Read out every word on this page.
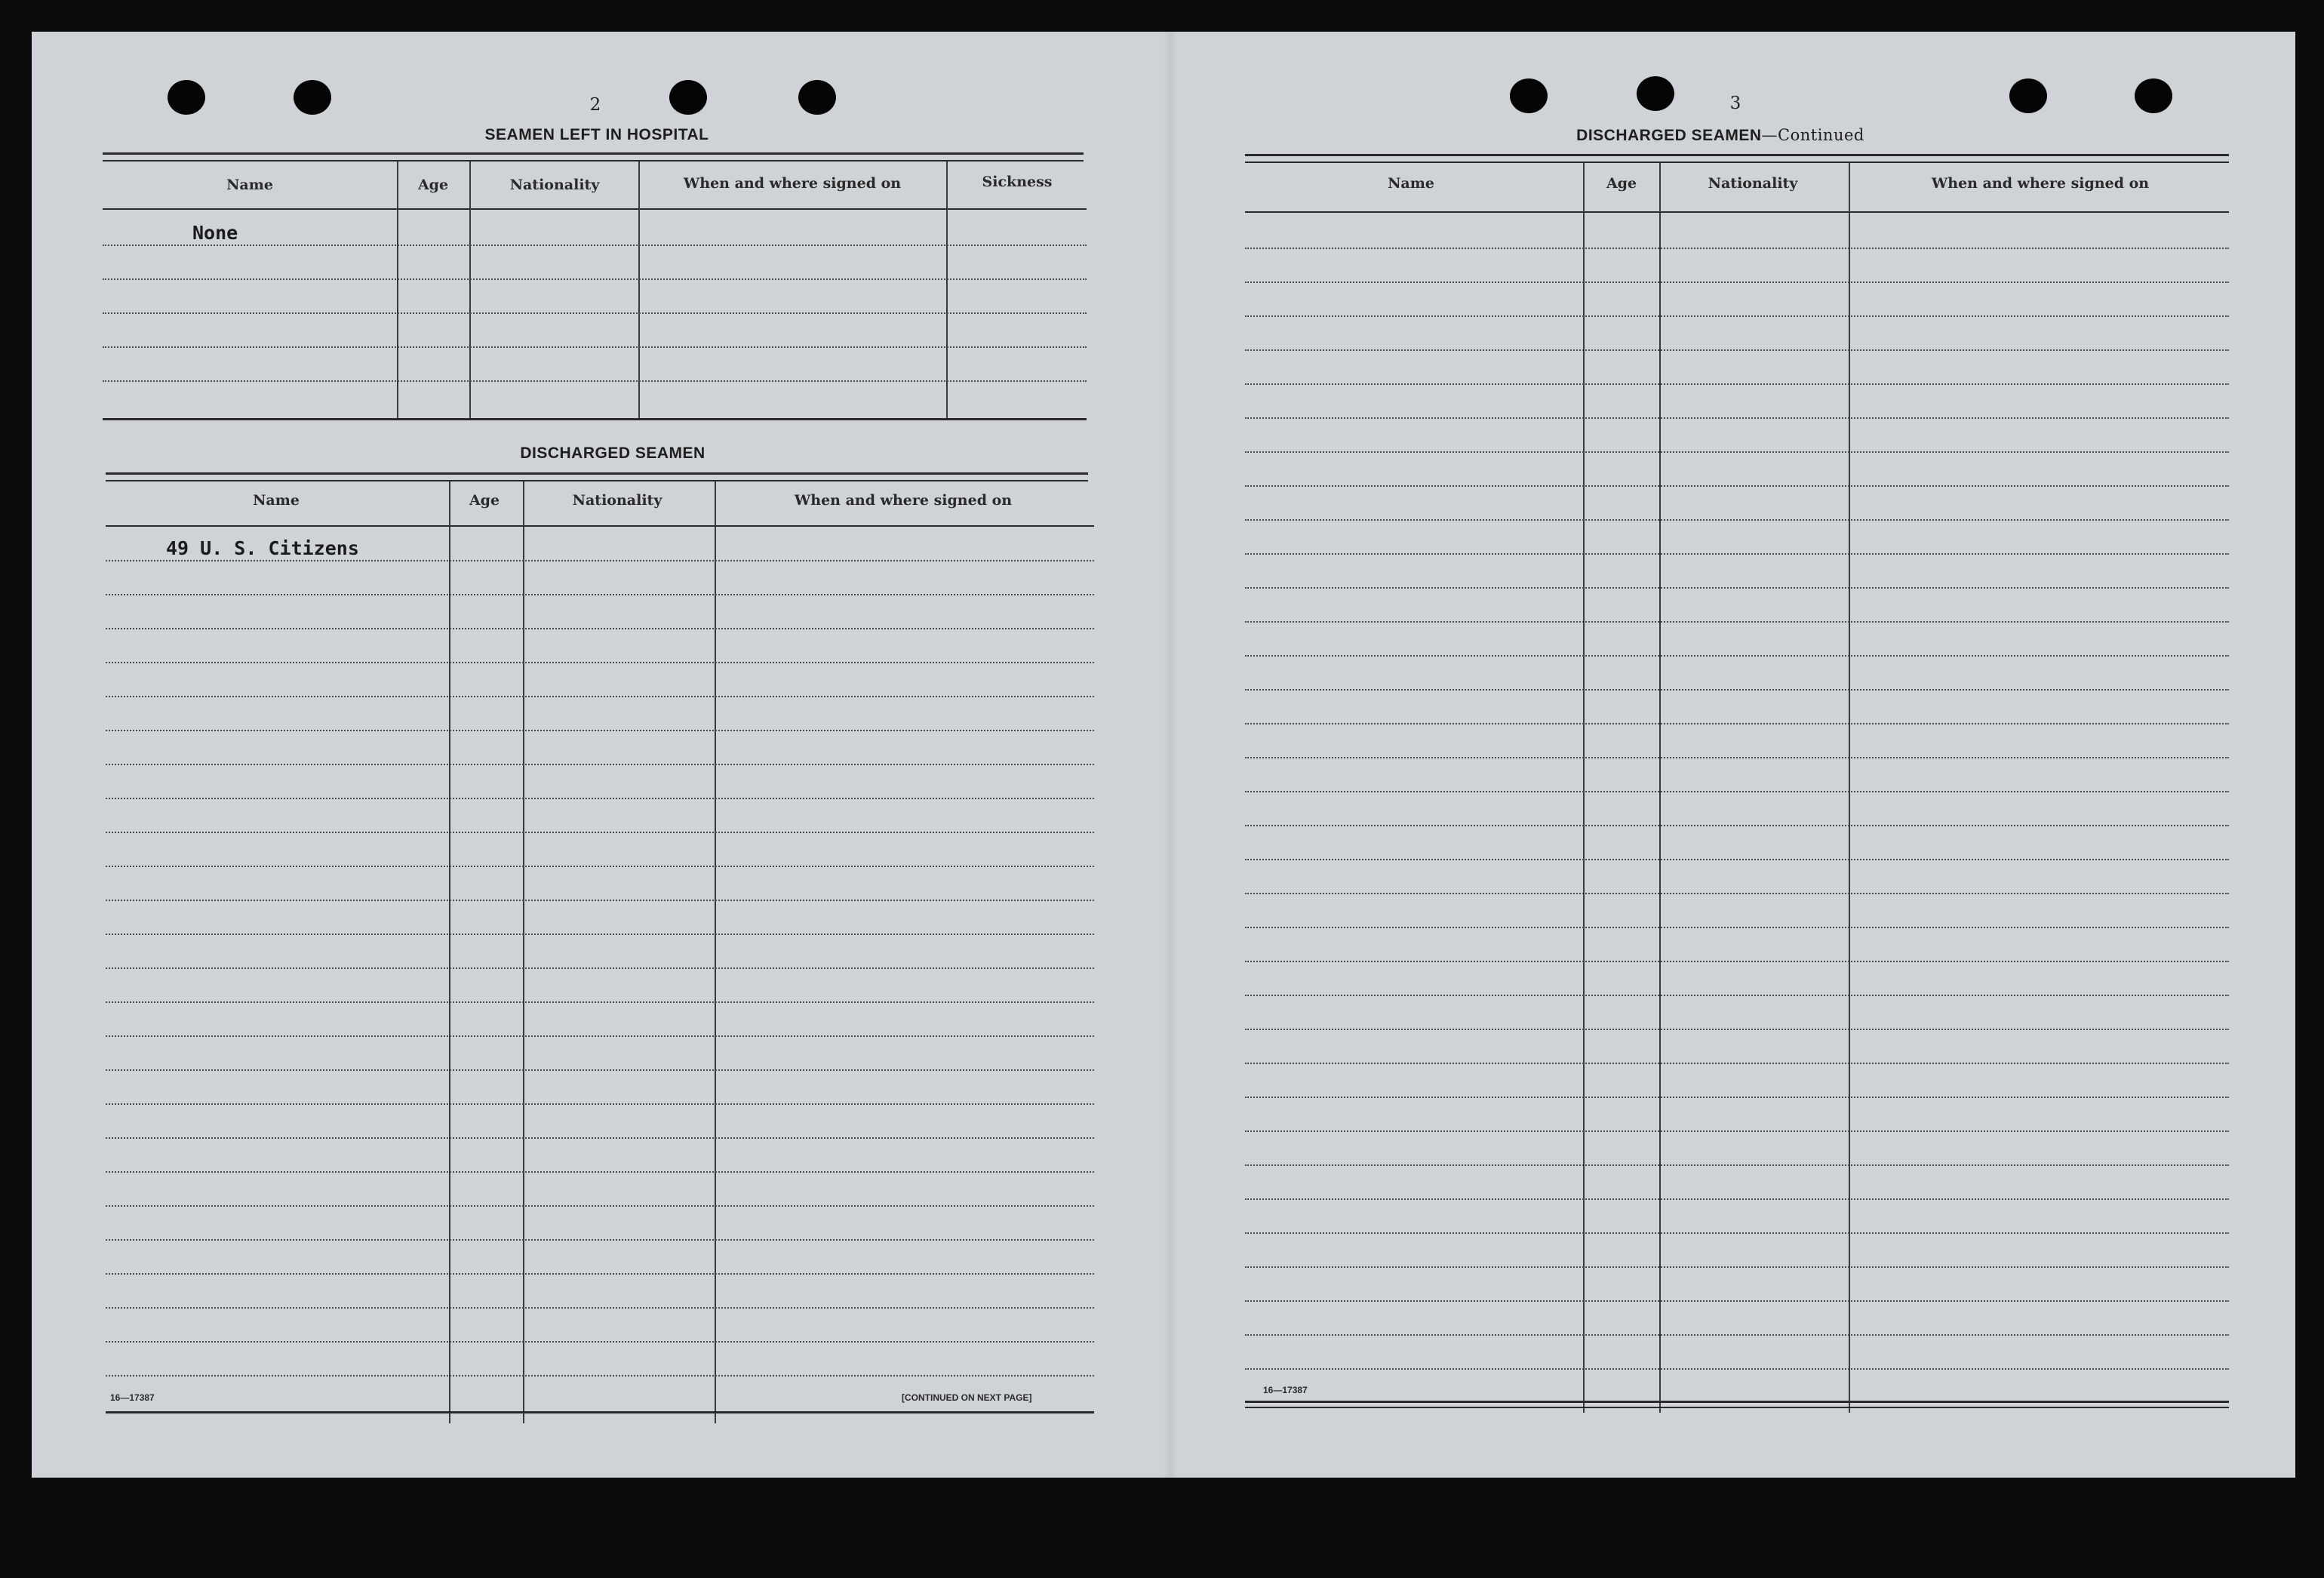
2
SEAMEN LEFT IN HOSPITAL
Name	Age	Nationality	When and where signed on	Sickness
None
DISCHARGED SEAMEN
Name	Age	Nationality	When and where signed on
49 U. S. Citizens
16—17387	[CONTINUED ON NEXT PAGE]
3
DISCHARGED SEAMEN—Continued
Name	Age	Nationality	When and where signed on
16—17387
